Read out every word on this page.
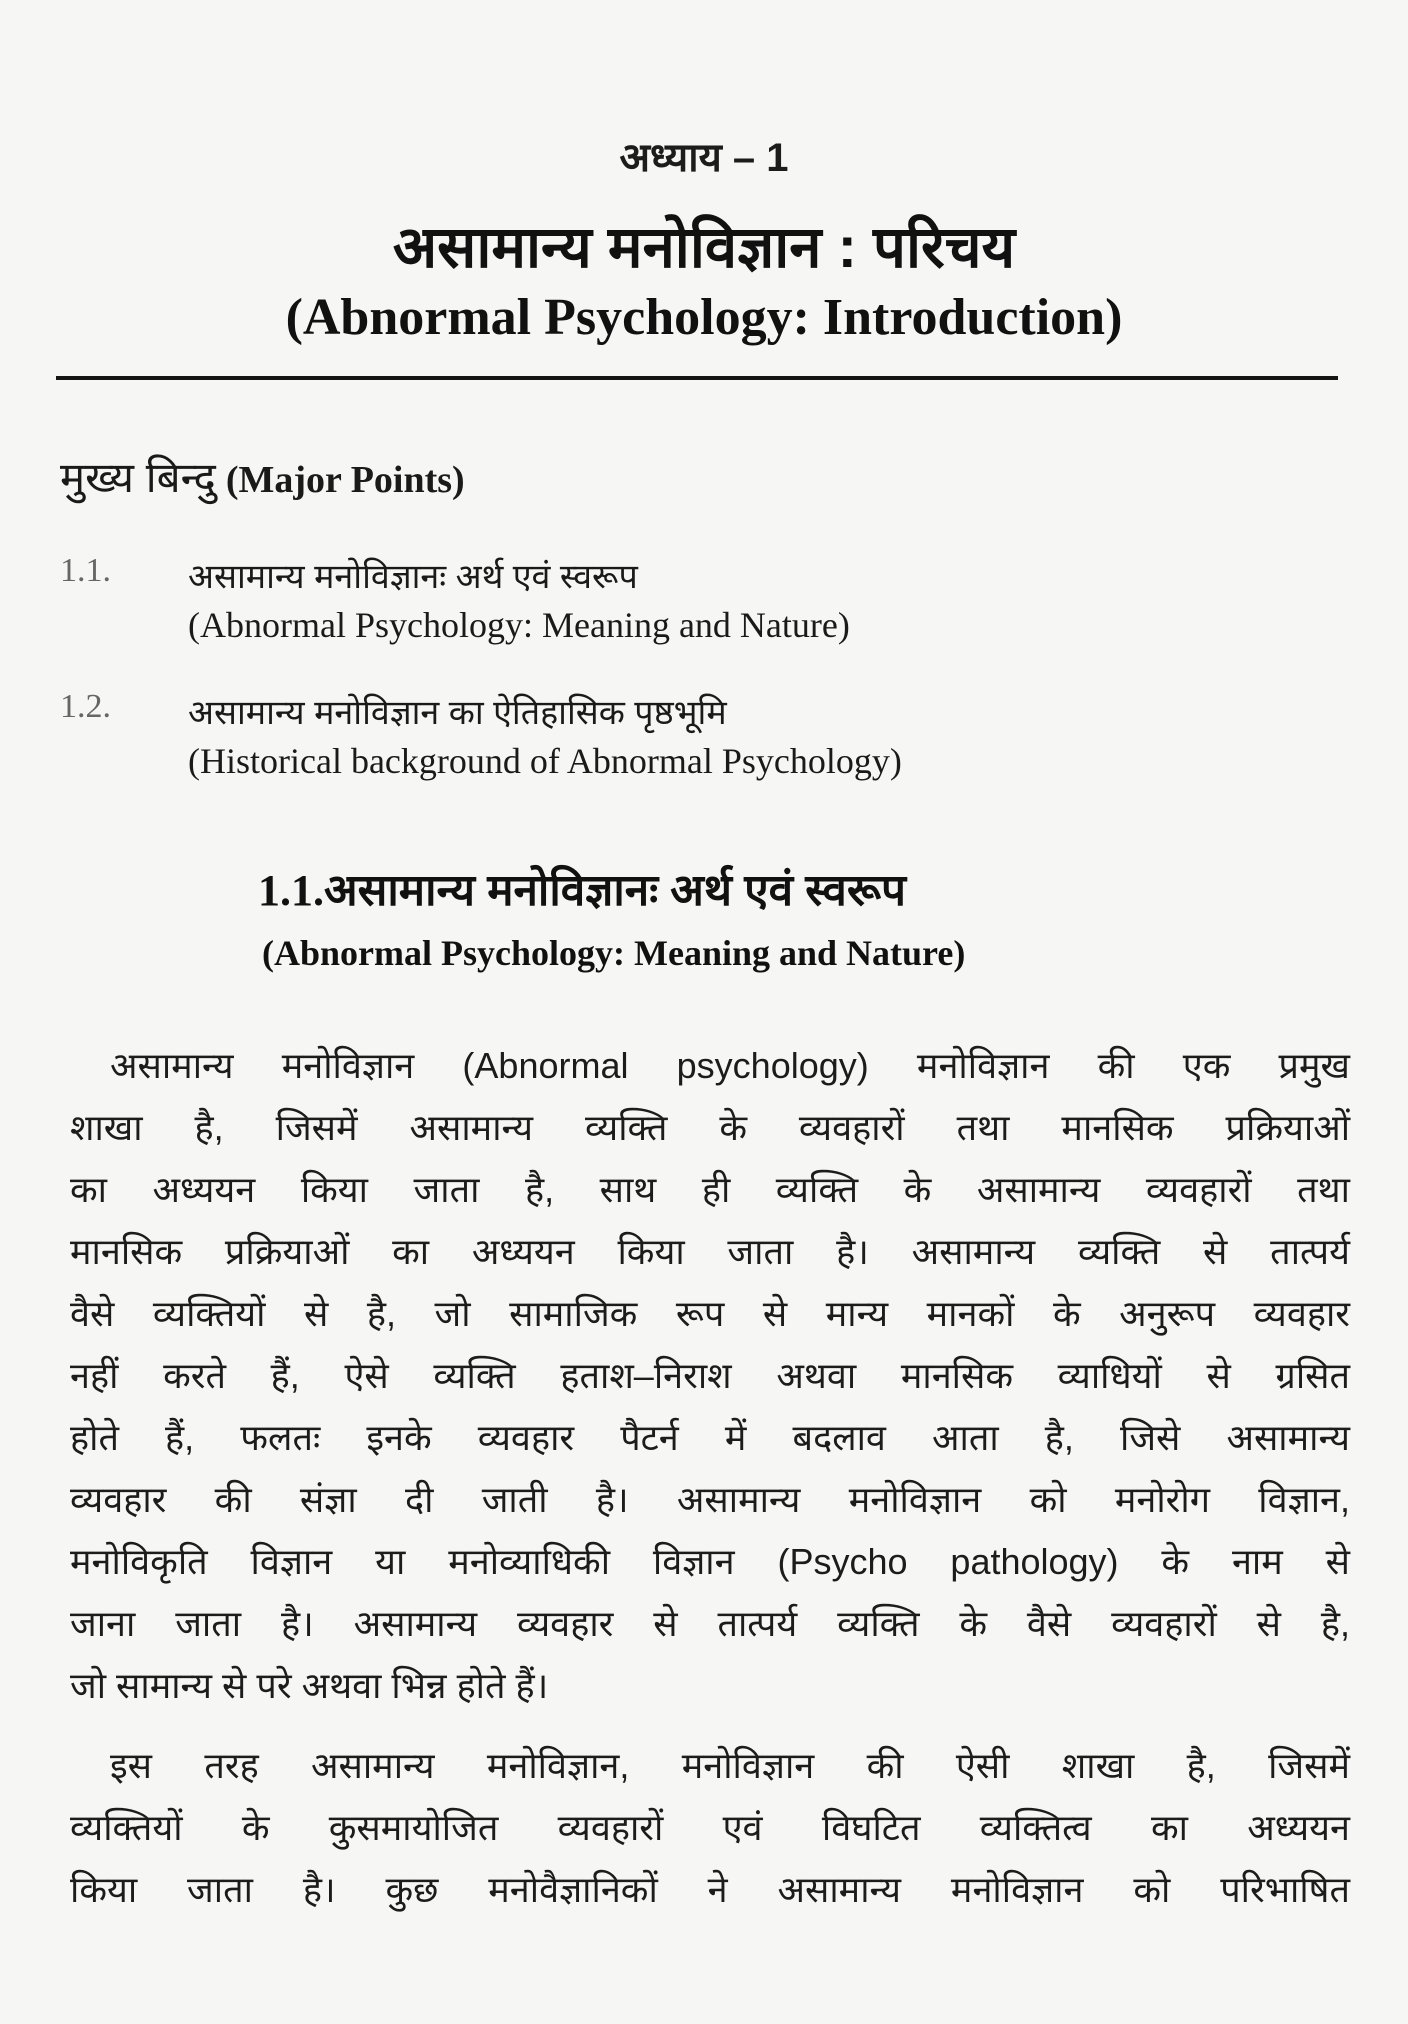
अध्याय – 1
असामान्य मनोविज्ञान : परिचय
(Abnormal Psychology: Introduction)
मुख्य बिन्दु (Major Points)
1.1. असामान्य मनोविज्ञानः अर्थ एवं स्वरूप
(Abnormal Psychology: Meaning and Nature)
1.2. असामान्य मनोविज्ञान का ऐतिहासिक पृष्ठभूमि
(Historical background of Abnormal Psychology)
1.1.असामान्य मनोविज्ञानः अर्थ एवं स्वरूप
(Abnormal Psychology: Meaning and Nature)
असामान्य मनोविज्ञान (Abnormal psychology) मनोविज्ञान की एक प्रमुख
शाखा है, जिसमें असामान्य व्यक्ति के व्यवहारों तथा मानसिक प्रक्रियाओं
का अध्ययन किया जाता है, साथ ही व्यक्ति के असामान्य व्यवहारों तथा
मानसिक प्रक्रियाओं का अध्ययन किया जाता है। असामान्य व्यक्ति से तात्पर्य
वैसे व्यक्तियों से है, जो सामाजिक रूप से मान्य मानकों के अनुरूप व्यवहार
नहीं करते हैं, ऐसे व्यक्ति हताश–निराश अथवा मानसिक व्याधियों से ग्रसित
होते हैं, फलतः इनके व्यवहार पैटर्न में बदलाव आता है, जिसे असामान्य
व्यवहार की संज्ञा दी जाती है। असामान्य मनोविज्ञान को मनोरोग विज्ञान,
मनोविकृति विज्ञान या मनोव्याधिकी विज्ञान (Psycho pathology) के नाम से
जाना जाता है। असामान्य व्यवहार से तात्पर्य व्यक्ति के वैसे व्यवहारों से है,
जो सामान्य से परे अथवा भिन्न होते हैं।
इस तरह असामान्य मनोविज्ञान, मनोविज्ञान की ऐसी शाखा है, जिसमें
व्यक्तियों के कुसमायोजित व्यवहारों एवं विघटित व्यक्तित्व का अध्ययन
किया जाता है। कुछ मनोवैज्ञानिकों ने असामान्य मनोविज्ञान को परिभाषित
